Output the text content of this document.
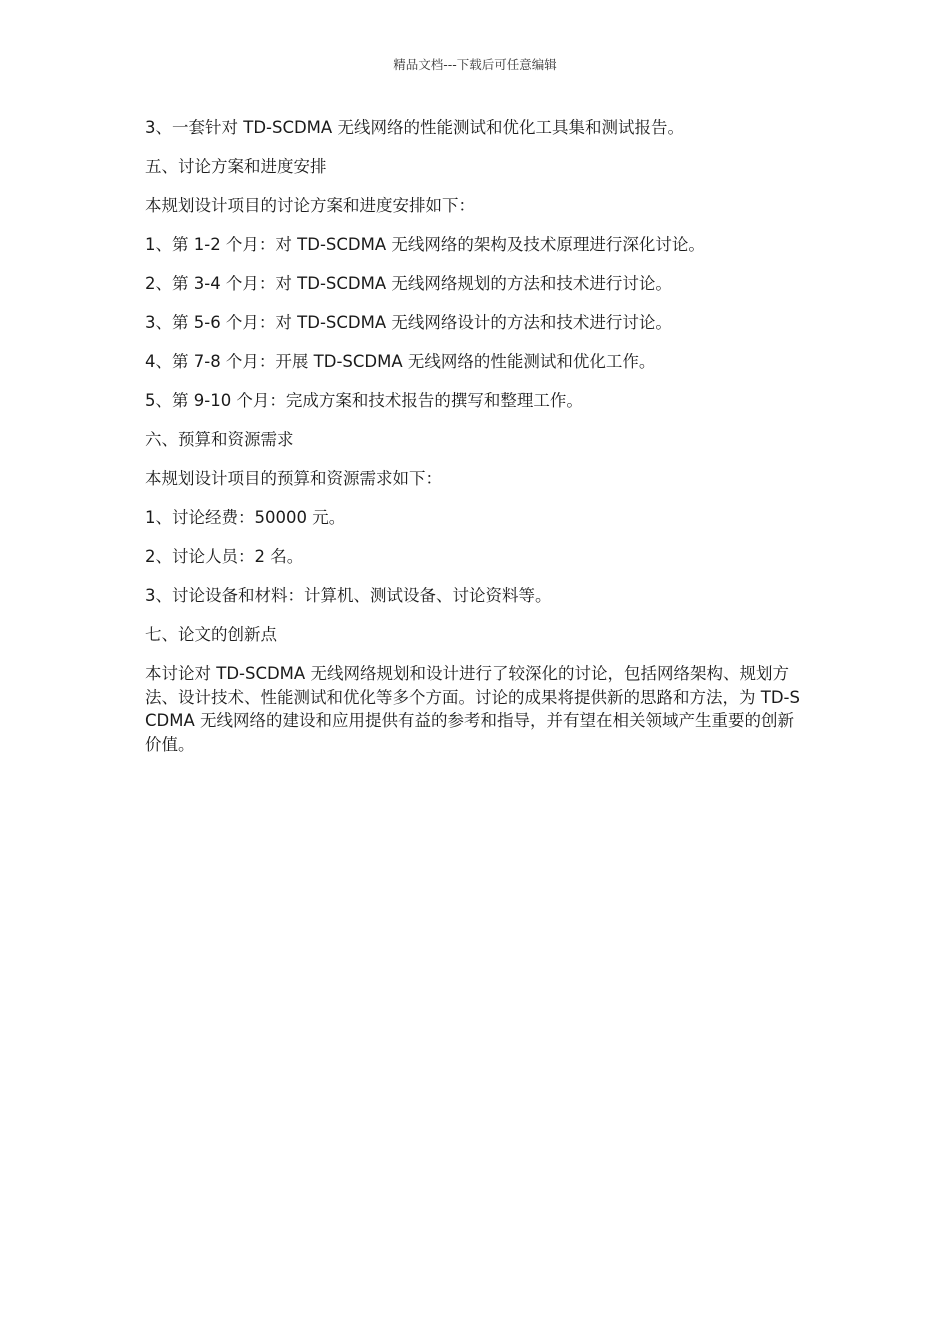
精品文档---下载后可任意编辑

3、一套针对 TD-SCDMA 无线网络的性能测试和优化工具集和测试报告。

五、讨论方案和进度安排

本规划设计项目的讨论方案和进度安排如下：

1、第 1-2 个月：对 TD-SCDMA 无线网络的架构及技术原理进行深化讨论。

2、第 3-4 个月：对 TD-SCDMA 无线网络规划的方法和技术进行讨论。

3、第 5-6 个月：对 TD-SCDMA 无线网络设计的方法和技术进行讨论。

4、第 7-8 个月：开展 TD-SCDMA 无线网络的性能测试和优化工作。

5、第 9-10 个月：完成方案和技术报告的撰写和整理工作。

六、预算和资源需求

本规划设计项目的预算和资源需求如下：

1、讨论经费：50000 元。

2、讨论人员：2 名。

3、讨论设备和材料：计算机、测试设备、讨论资料等。

七、论文的创新点

本讨论对 TD-SCDMA 无线网络规划和设计进行了较深化的讨论，包括网络架构、规划方法、设计技术、性能测试和优化等多个方面。讨论的成果将提供新的思路和方法，为 TD-SCDMA 无线网络的建设和应用提供有益的参考和指导，并有望在相关领域产生重要的创新价值。
